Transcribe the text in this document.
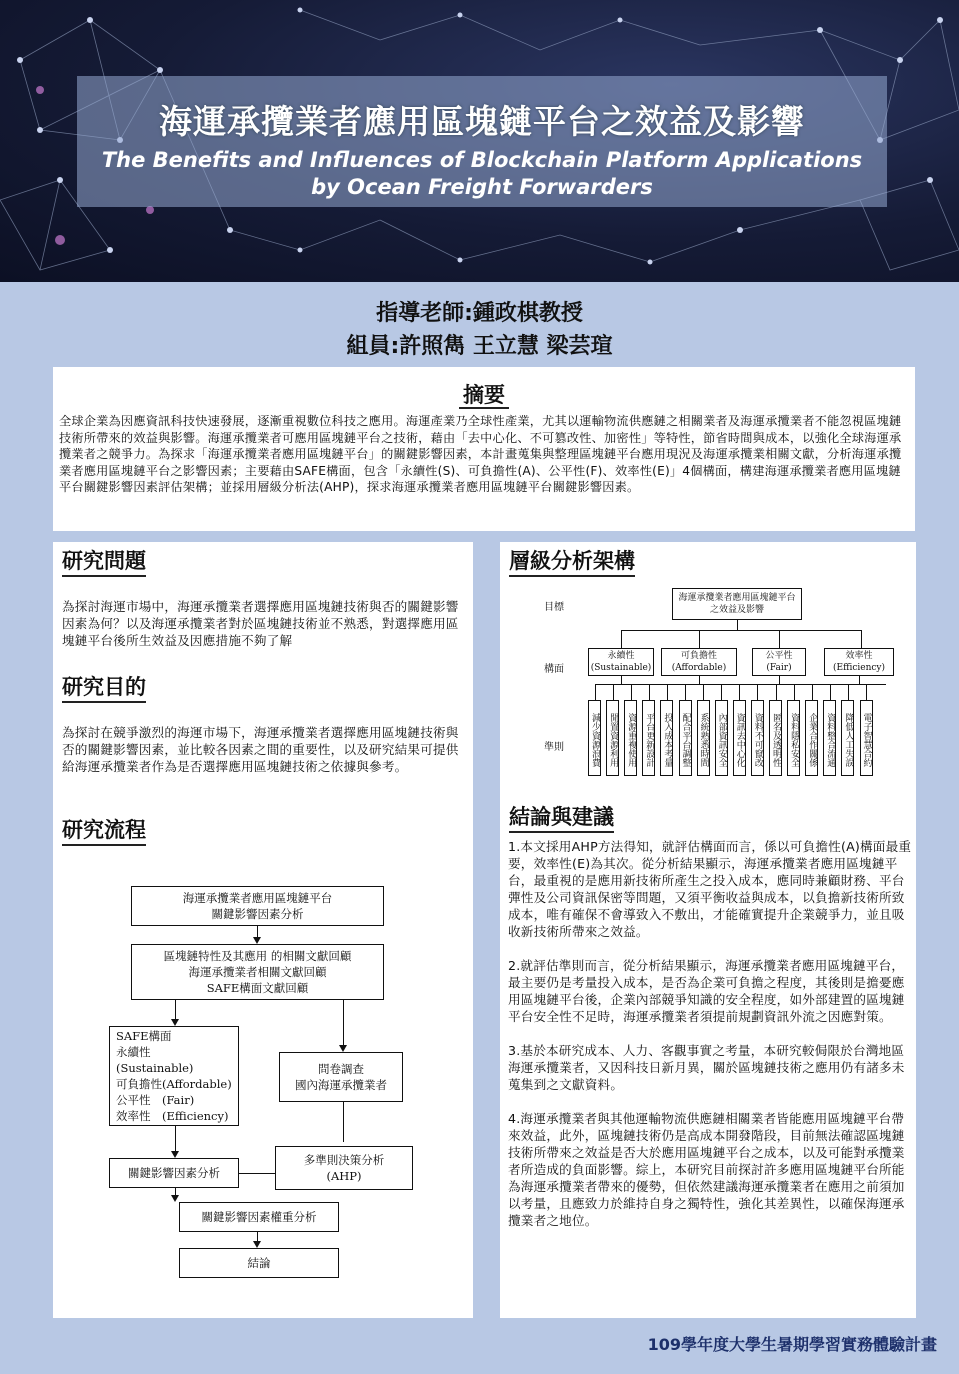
海運承攬業者應用區塊鏈平台之效益及影響
The Benefits and Influences of Blockchain Platform Applications
by Ocean Freight Forwarders
指導老師:鍾政棋教授
組員:許照雋 王立慧 梁芸瑄
摘要
全球企業為因應資訊科技快速發展，逐漸重視數位科技之應用。海運產業乃全球性產業，尤其以運輸物流供應鏈之相關業者及海運承攬業者不能忽視區塊鏈技術所帶來的效益與影響。海運承攬業者可應用區塊鏈平台之技術，藉由「去中心化、不可篡改性、加密性」等特性，節省時間與成本，以強化全球海運承攬業者之競爭力。為探求「海運承攬業者應用區塊鏈平台」的關鍵影響因素，本計畫蒐集與整理區塊鏈平台應用現況及海運承攬業相關文獻，分析海運承攬業者應用區塊鏈平台之影響因素；主要藉由SAFE構面，包含「永續性(S)、可負擔性(A)、公平性(F)、效率性(E)」4個構面，構建海運承攬業者應用區塊鏈平台關鍵影響因素評估架構；並採用層級分析法(AHP)，探求海運承攬業者應用區塊鏈平台關鍵影響因素。
研究問題
為探討海運市場中，海運承攬業者選擇應用區塊鏈技術與否的關鍵影響因素為何？以及海運承攬業者對於區塊鏈技術並不熟悉，對選擇應用區塊鏈平台後所生效益及因應措施不夠了解
研究目的
為探討在競爭激烈的海運市場下，海運承攬業者選擇應用區塊鏈技術與否的關鍵影響因素，並比較各因素之間的重要性，以及研究結果可提供給海運承攬業者作為是否選擇應用區塊鏈技術之依據與參考。
研究流程
海運承攬業者應用區塊鏈平台
關鍵影響因素分析
區塊鏈特性及其應用 的相關文獻回顧
海運承攬業者相關文獻回顧
SAFE構面文獻回顧
SAFE構面
永續性　(Sustainable)
可負擔性(Affordable)
公平性　(Fair)
效率性　(Efficiency)
問卷調查
國內海運承攬業者
關鍵影響因素分析
多準則決策分析
(AHP)
關鍵影響因素權重分析
結論
層級分析架構
目標
構面
準則
海運承攬業者應用區塊鏈平台
之效益及影響
永續性
(Sustainable)
可負擔性
(Affordable)
公平性
(Fair)
效率性
(Efficiency)
減少資源浪費 閒置資源利用 資源重複使用 平台更新設計 投入成本考量 配合平台調整 系統熟悉時間 內部資訊安全 資訊去中心化 資料不可竄改 匿名及透明性 資料隱私安全 企業合作關係 資料整合流通 降低人工失誤 電子智慧合約
結論與建議
1.本文採用AHP方法得知，就評估構面而言，係以可負擔性(A)構面最重要，效率性(E)為其次。從分析結果顯示，海運承攬業者應用區塊鏈平台，最重視的是應用新技術所產生之投入成本，應同時兼顧財務、平台彈性及公司資訊保密等問題，又須平衡收益與成本，以負擔新技術所致成本，唯有確保不會導致入不敷出，才能確實提升企業競爭力，並且吸收新技術所帶來之效益。
2.就評估準則而言，從分析結果顯示，海運承攬業者應用區塊鏈平台，最主要仍是考量投入成本，是否為企業可負擔之程度，其後則是擔憂應用區塊鏈平台後，企業內部競爭知識的安全程度，如外部建置的區塊鏈平台安全性不足時，海運承攬業者須提前規劃資訊外流之因應對策。
3.基於本研究成本、人力、客觀事實之考量，本研究較侷限於台灣地區海運承攬業者，又因科技日新月異，關於區塊鏈技術之應用仍有諸多未蒐集到之文獻資料。
4.海運承攬業者與其他運輸物流供應鏈相關業者皆能應用區塊鏈平台帶來效益，此外，區塊鏈技術仍是高成本開發階段，目前無法確認區塊鏈技術所帶來之效益是否大於應用區塊鏈平台之成本，以及可能對承攬業者所造成的負面影響。綜上，本研究目前探討許多應用區塊鏈平台所能為海運承攬業者帶來的優勢，但依然建議海運承攬業者在應用之前須加以考量，且應致力於維持自身之獨特性，強化其差異性，以確保海運承攬業者之地位。
109學年度大學生暑期學習實務體驗計畫
